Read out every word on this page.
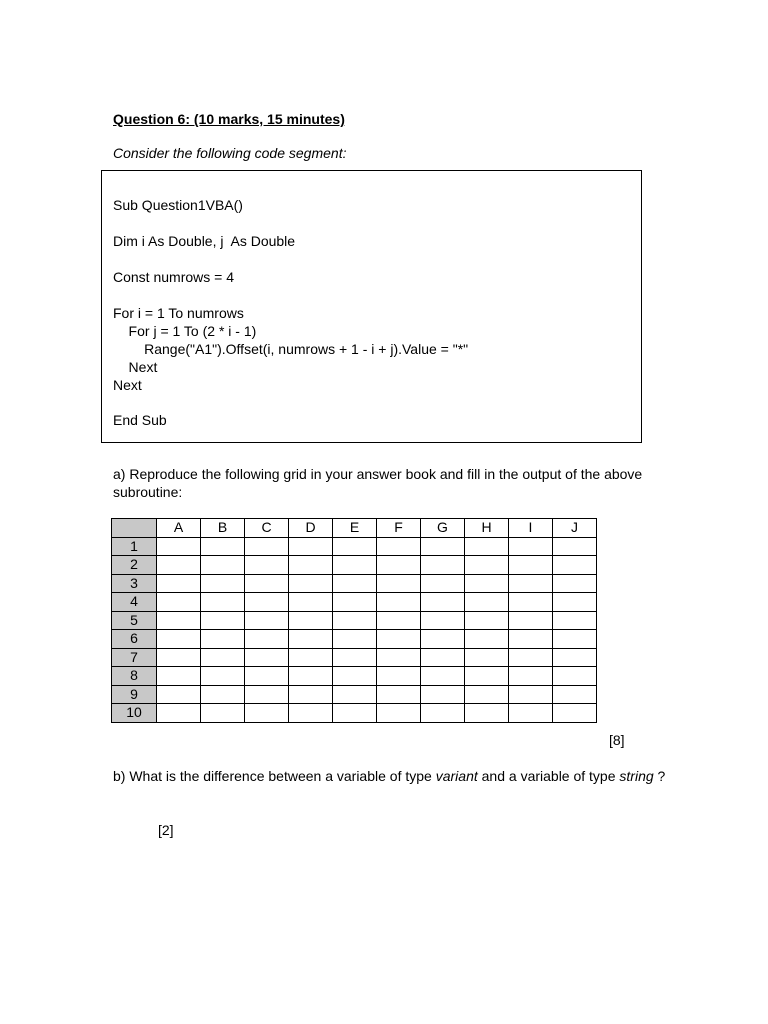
Question 6: (10 marks, 15 minutes)
Consider the following code segment:
Sub Question1VBA()
Dim i As Double, j  As Double
Const numrows = 4
For i = 1 To numrows
For j = 1 To (2 * i - 1)
Range("A1").Offset(i, numrows + 1 - i + j).Value = "*"
Next
Next
End Sub
a) Reproduce the following grid in your answer book and fill in the output of the above subroutine:
	A	B	C	D	E	F	G	H	I	J
1										
2										
3										
4										
5										
6										
7										
8										
9										
10										
[8]
b) What is the difference between a variable of type variant and a variable of type string ?
[2]
